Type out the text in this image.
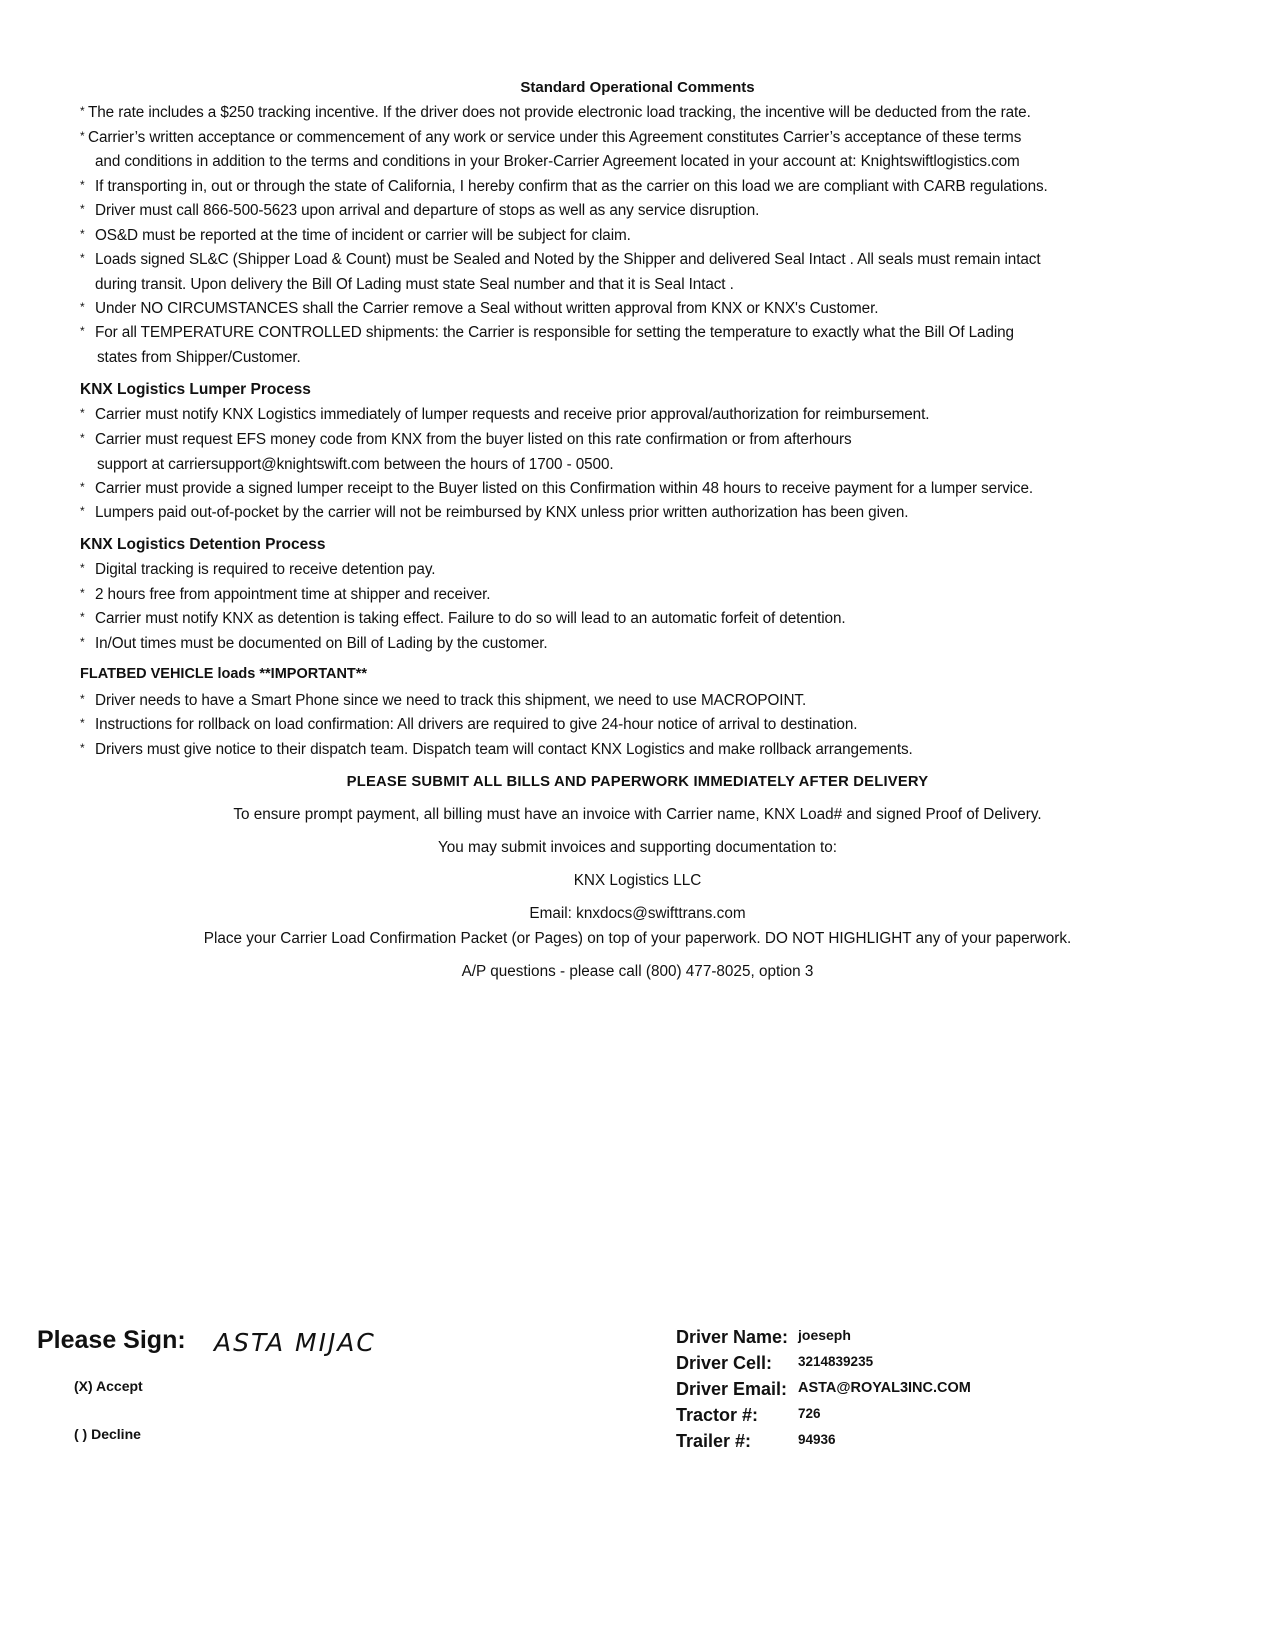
Standard Operational Comments
* The rate includes a $250 tracking incentive. If the driver does not provide electronic load tracking, the incentive will be deducted from the rate.
* Carrier’s written acceptance or commencement of any work or service under this Agreement constitutes Carrier’s acceptance of these terms
and conditions in addition to the terms and conditions in your Broker-Carrier Agreement located in your account at: Knightswiftlogistics.com
* If transporting in, out or through the state of California, I hereby confirm that as the carrier on this load we are compliant with CARB regulations.
* Driver must call 866-500-5623 upon arrival and departure of stops as well as any service disruption.
* OS&D must be reported at the time of incident or carrier will be subject for claim.
* Loads signed SL&C (Shipper Load & Count) must be Sealed and Noted by the Shipper and delivered Seal Intact . All seals must remain intact
during transit. Upon delivery the Bill Of Lading must state Seal number and that it is Seal Intact .
* Under NO CIRCUMSTANCES shall the Carrier remove a Seal without written approval from KNX or KNX's Customer.
* For all TEMPERATURE CONTROLLED shipments: the Carrier is responsible for setting the temperature to exactly what the Bill Of Lading
states from Shipper/Customer.
KNX Logistics Lumper Process
* Carrier must notify KNX Logistics immediately of lumper requests and receive prior approval/authorization for reimbursement.
* Carrier must request EFS money code from KNX from the buyer listed on this rate confirmation or from afterhours
support at carriersupport@knightswift.com between the hours of 1700 - 0500.
* Carrier must provide a signed lumper receipt to the Buyer listed on this Confirmation within 48 hours to receive payment for a lumper service.
* Lumpers paid out-of-pocket by the carrier will not be reimbursed by KNX unless prior written authorization has been given.
KNX Logistics Detention Process
* Digital tracking is required to receive detention pay.
* 2 hours free from appointment time at shipper and receiver.
* Carrier must notify KNX as detention is taking effect. Failure to do so will lead to an automatic forfeit of detention.
* In/Out times must be documented on Bill of Lading by the customer.
FLATBED VEHICLE loads **IMPORTANT**
* Driver needs to have a Smart Phone since we need to track this shipment, we need to use MACROPOINT.
* Instructions for rollback on load confirmation: All drivers are required to give 24-hour notice of arrival to destination.
* Drivers must give notice to their dispatch team. Dispatch team will contact KNX Logistics and make rollback arrangements.
PLEASE SUBMIT ALL BILLS AND PAPERWORK IMMEDIATELY AFTER DELIVERY
To ensure prompt payment, all billing must have an invoice with Carrier name, KNX Load# and signed Proof of Delivery.
You may submit invoices and supporting documentation to:
KNX Logistics LLC
Email: knxdocs@swifttrans.com
Place your Carrier Load Confirmation Packet (or Pages) on top of your paperwork. DO NOT HIGHLIGHT any of your paperwork.
A/P questions - please call (800) 477-8025, option 3
Please Sign: ASTA MIJAC
(X) Accept
( ) Decline
Driver Name: joeseph
Driver Cell: 3214839235
Driver Email: ASTA@ROYAL3INC.COM
Tractor #:	726
Trailer #:	94936
